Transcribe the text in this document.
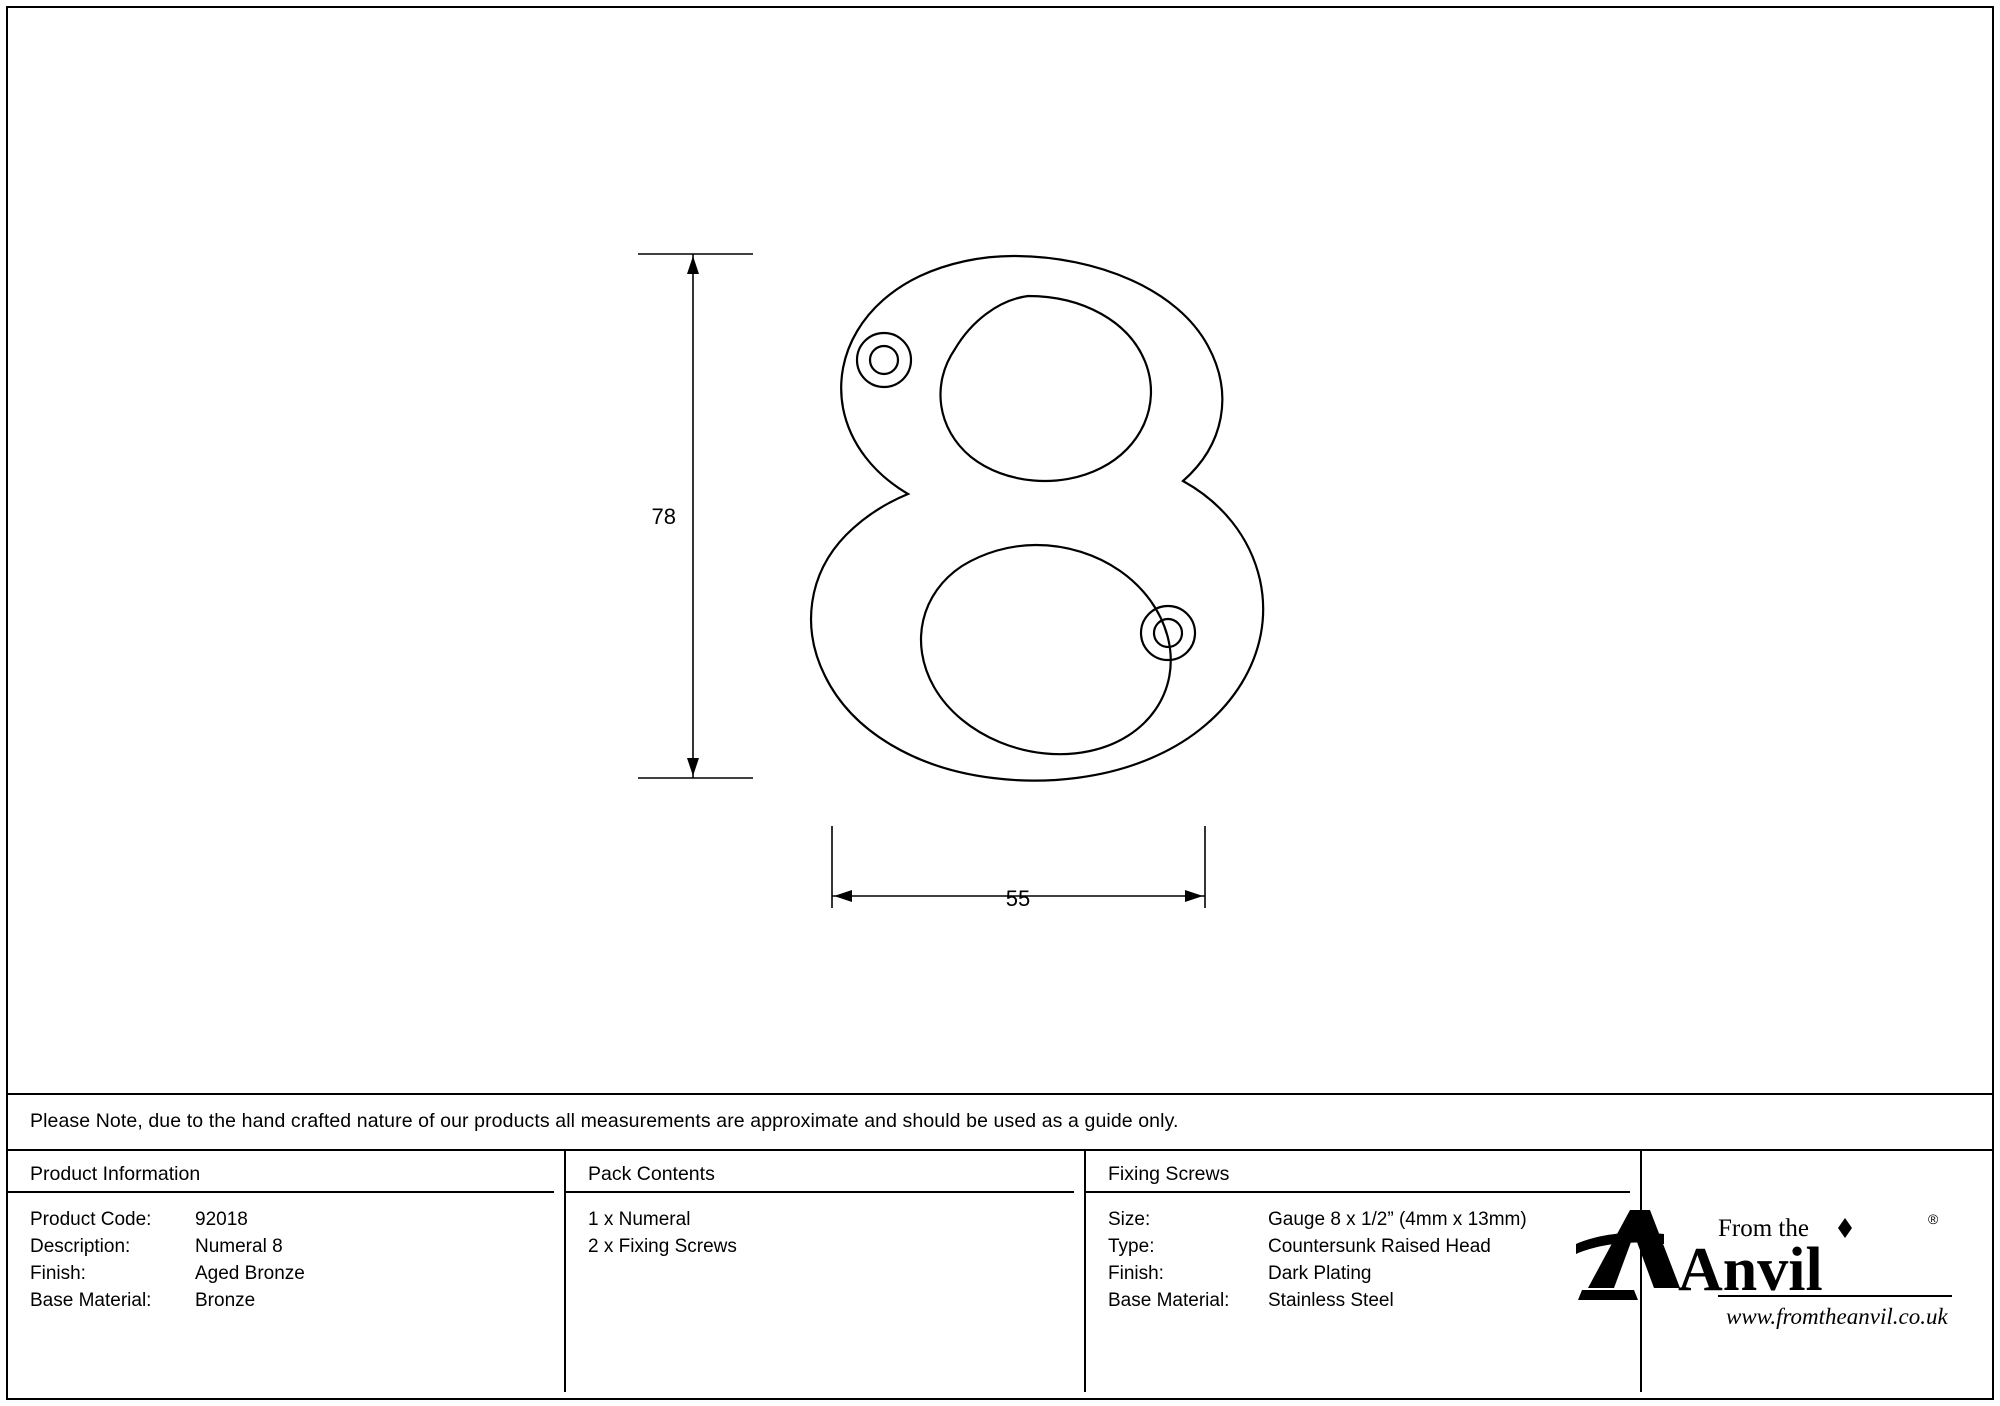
78
55
Please Note, due to the hand crafted nature of our products all measurements are approximate and should be used as a guide only.
Product Information
Product Code:	92018
Description:	Numeral 8
Finish:	Aged Bronze
Base Material:	Bronze
Pack Contents
1 x Numeral
2 x Fixing Screws
Fixing Screws
Size:	Gauge 8 x 1/2” (4mm x 13mm)
Type:	Countersunk Raised Head
Finish:	Dark Plating
Base Material:	Stainless Steel
From the	®
Anvil
www.fromtheanvil.co.uk
